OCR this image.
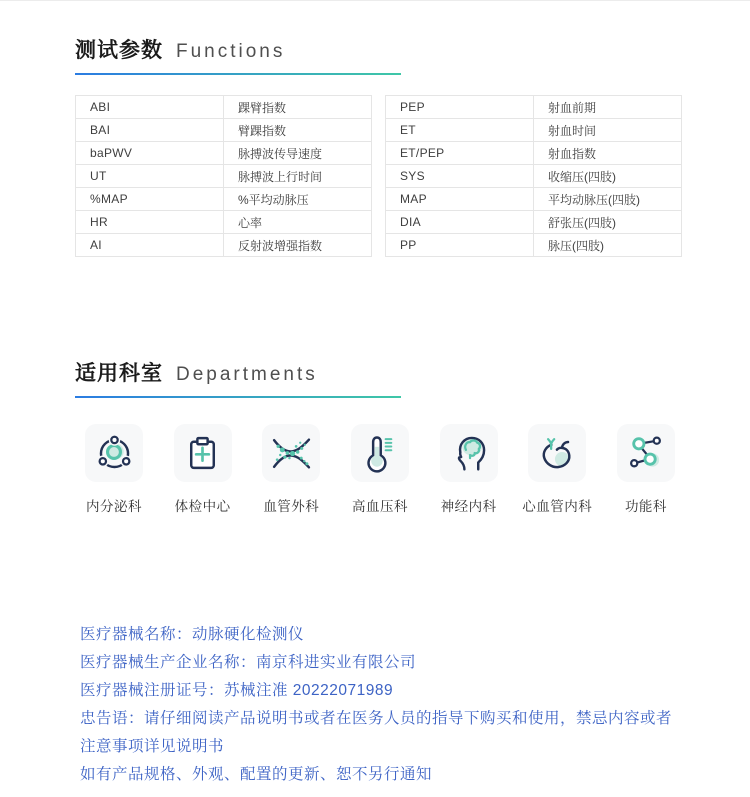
测试参数 Functions
ABI	踝臂指数
BAI	臂踝指数
baPWV	脉搏波传导速度
UT	脉搏波上行时间
%MAP	%平均动脉压
HR	心率
AI	反射波增强指数
PEP	射血前期
ET	射血时间
ET/PEP	射血指数
SYS	收缩压(四肢)
MAP	平均动脉压(四肢)
DIA	舒张压(四肢)
PP	脉压(四肢)
适用科室 Departments
内分泌科 体检中心 血管外科 高血压科 神经内科 心血管内科 功能科

医疗器械名称：动脉硬化检测仪

医疗器械生产企业名称：南京科进实业有限公司

医疗器械注册证号：苏械注准 20222071989

忠告语：请仔细阅读产品说明书或者在医务人员的指导下购买和使用，禁忌内容或者注意事项详见说明书

如有产品规格、外观、配置的更新、恕不另行通知
